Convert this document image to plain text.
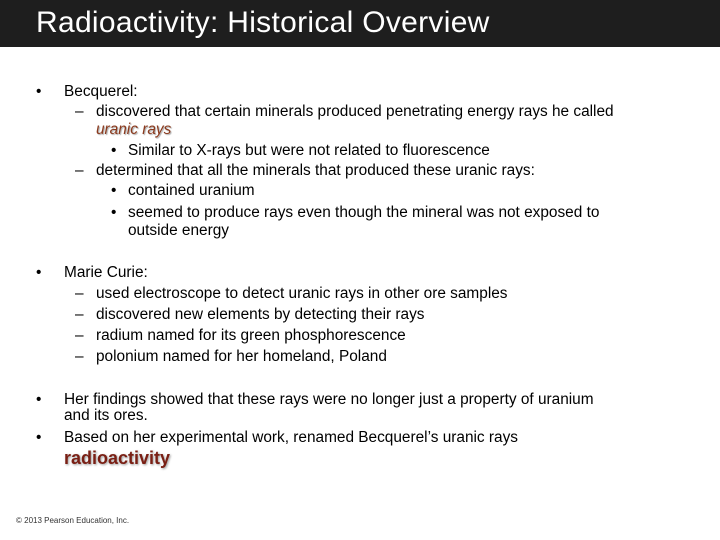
Radioactivity: Historical Overview
• Becquerel:
– discovered that certain minerals produced penetrating energy rays he called
uranic rays
• Similar to X-rays but were not related to fluorescence
– determined that all the minerals that produced these uranic rays:
• contained uranium
• seemed to produce rays even though the mineral was not exposed to
outside energy
• Marie Curie:
– used electroscope to detect uranic rays in other ore samples
– discovered new elements by detecting their rays
– radium named for its green phosphorescence
– polonium named for her homeland, Poland
• Her findings showed that these rays were no longer just a property of uranium
and its ores.
• Based on her experimental work, renamed Becquerel’s uranic rays
radioactivity
© 2013 Pearson Education, Inc.
